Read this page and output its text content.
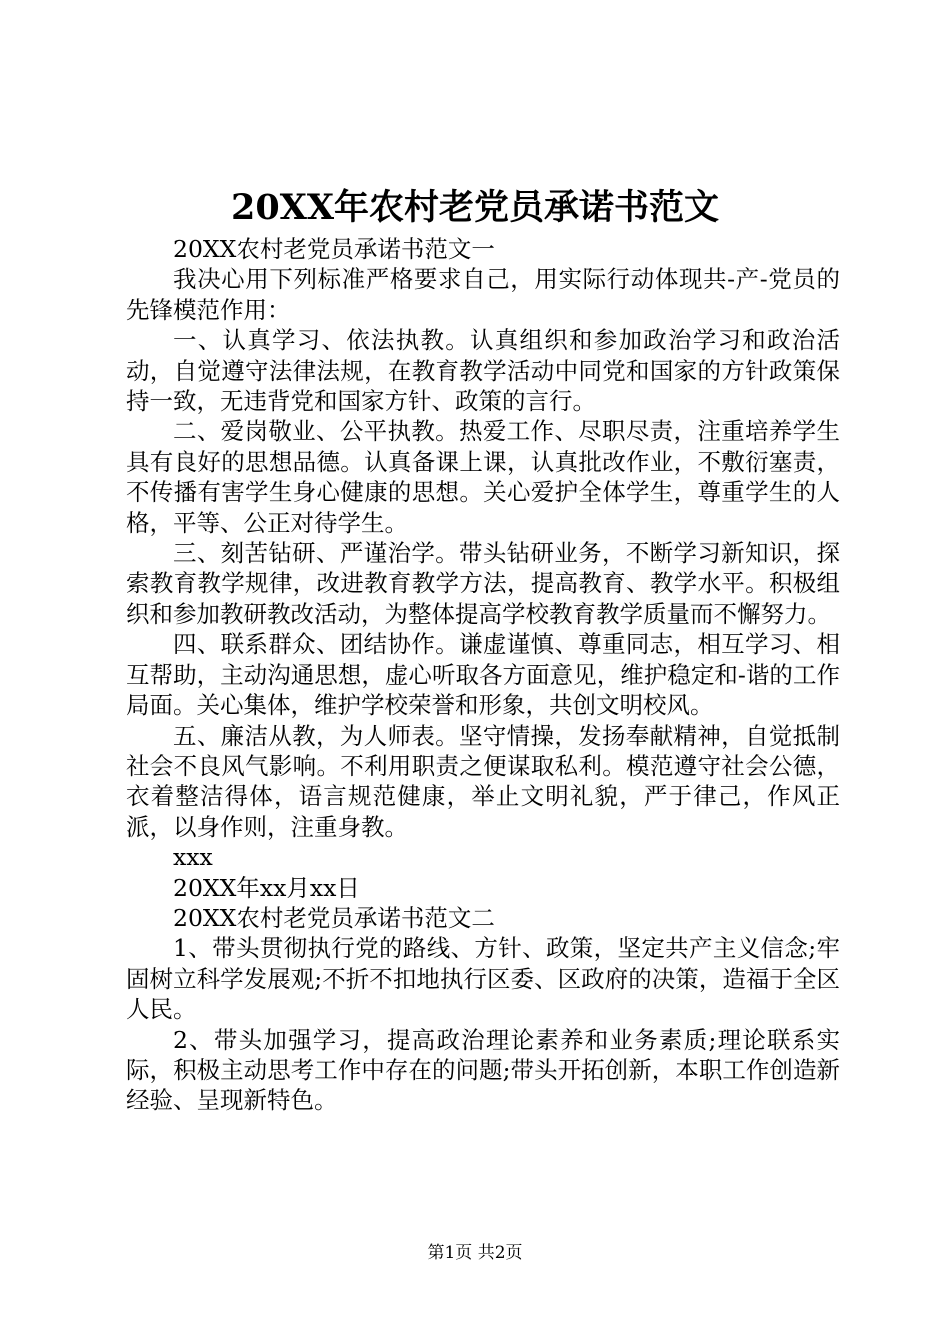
20XX年农村老党员承诺书范文

20XX农村老党员承诺书范文一

我决心用下列标准严格要求自己，用实际行动体现共-产-党员的先锋模范作用：

一、认真学习、依法执教。认真组织和参加政治学习和政治活动，自觉遵守法律法规，在教育教学活动中同党和国家的方针政策保持一致，无违背党和国家方针、政策的言行。

二、爱岗敬业、公平执教。热爱工作、尽职尽责，注重培养学生具有良好的思想品德。认真备课上课，认真批改作业，不敷衍塞责，不传播有害学生身心健康的思想。关心爱护全体学生，尊重学生的人格，平等、公正对待学生。

三、刻苦钻研、严谨治学。带头钻研业务，不断学习新知识，探索教育教学规律，改进教育教学方法，提高教育、教学水平。积极组织和参加教研教改活动，为整体提高学校教育教学质量而不懈努力。

四、联系群众、团结协作。谦虚谨慎、尊重同志，相互学习、相互帮助，主动沟通思想，虚心听取各方面意见，维护稳定和-谐的工作局面。关心集体，维护学校荣誉和形象，共创文明校风。

五、廉洁从教，为人师表。坚守情操，发扬奉献精神，自觉抵制社会不良风气影响。不利用职责之便谋取私利。模范遵守社会公德，衣着整洁得体，语言规范健康，举止文明礼貌，严于律己，作风正派，以身作则，注重身教。

xxx

20XX年xx月xx日

20XX农村老党员承诺书范文二

1、带头贯彻执行党的路线、方针、政策，坚定共产主义信念;牢固树立科学发展观;不折不扣地执行区委、区政府的决策，造福于全区人民。

2、带头加强学习，提高政治理论素养和业务素质;理论联系实际，积极主动思考工作中存在的问题;带头开拓创新，本职工作创造新经验、呈现新特色。

第1页 共2页
